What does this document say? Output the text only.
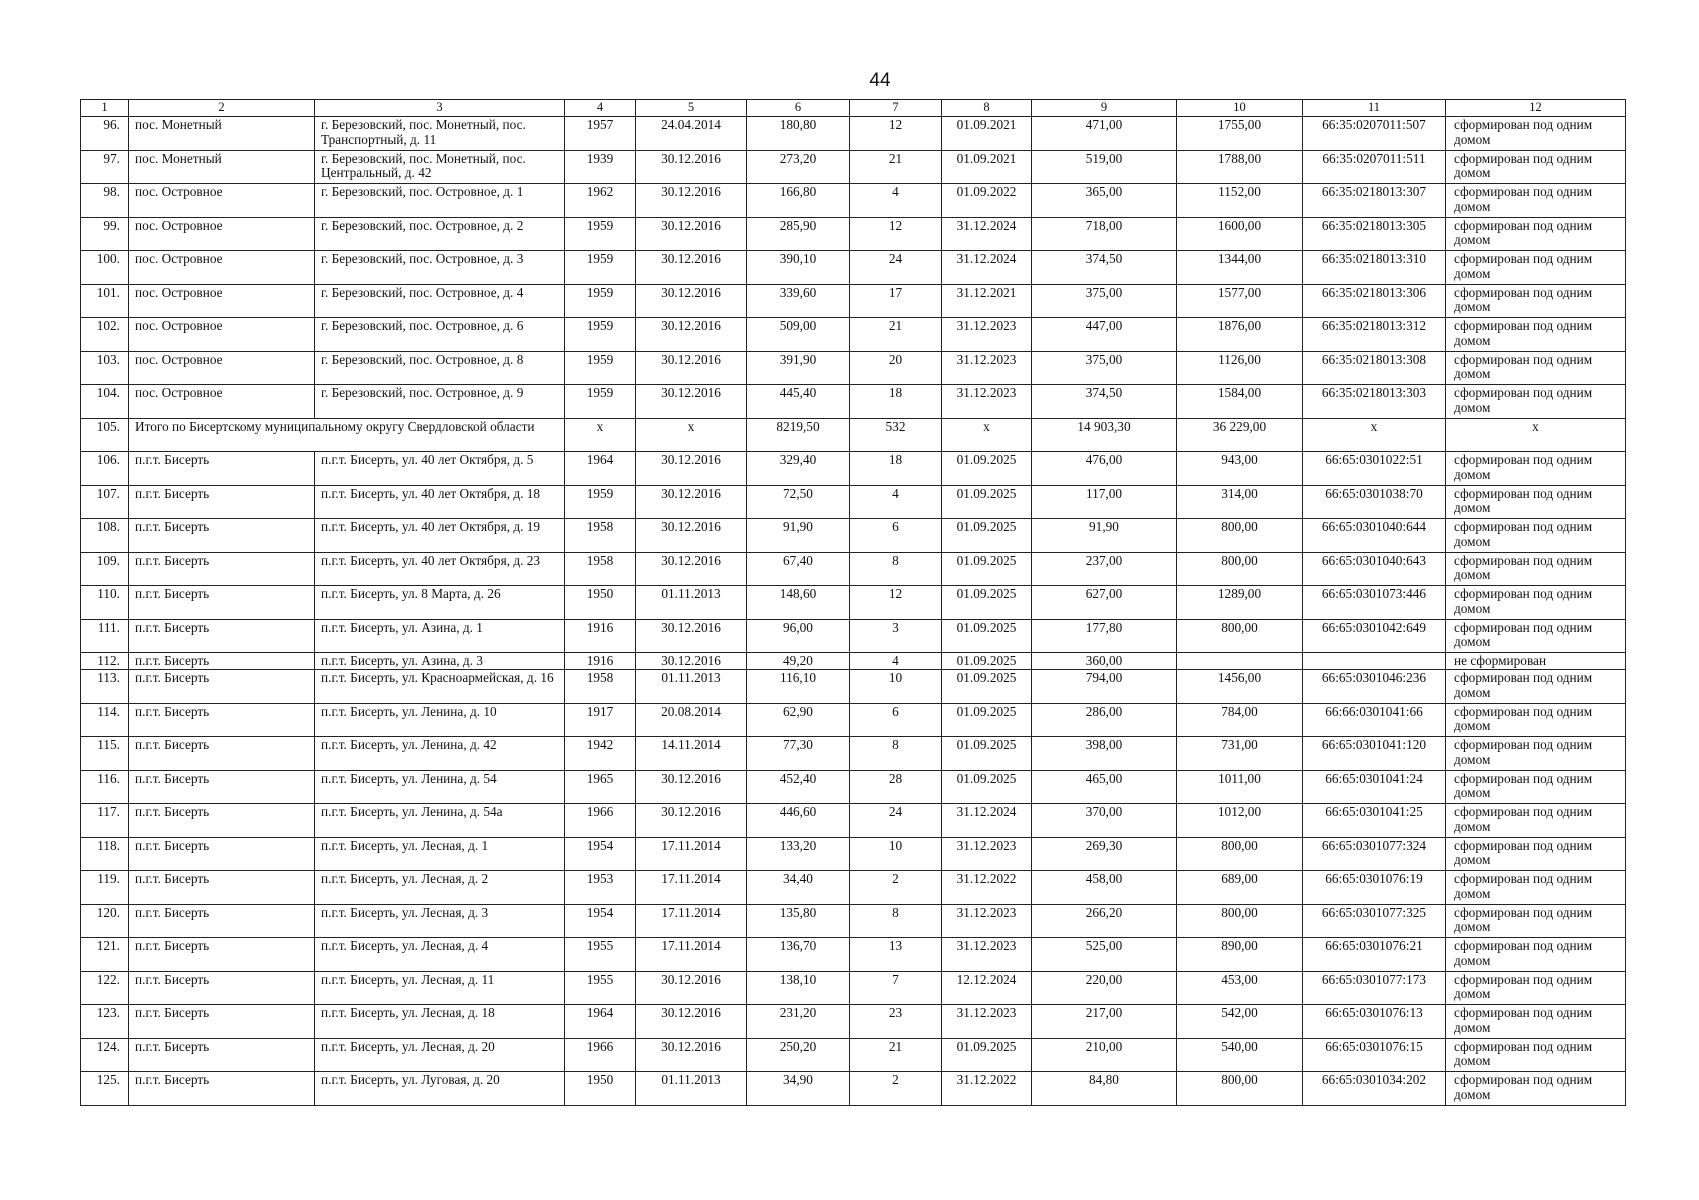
44
1	2	3	4	5	6	7	8	9	10	11	12
96.	пос. Монетный	г. Березовский, пос. Монетный, пос. Транспортный, д. 11	1957	24.04.2014	180,80	12	01.09.2021	471,00	1755,00	66:35:0207011:507	сформирован под одним домом
97.	пос. Монетный	г. Березовский, пос. Монетный, пос. Центральный, д. 42	1939	30.12.2016	273,20	21	01.09.2021	519,00	1788,00	66:35:0207011:511	сформирован под одним домом
98.	пос. Островное	г. Березовский, пос. Островное, д. 1	1962	30.12.2016	166,80	4	01.09.2022	365,00	1152,00	66:35:0218013:307	сформирован под одним домом
99.	пос. Островное	г. Березовский, пос. Островное, д. 2	1959	30.12.2016	285,90	12	31.12.2024	718,00	1600,00	66:35:0218013:305	сформирован под одним домом
100.	пос. Островное	г. Березовский, пос. Островное, д. 3	1959	30.12.2016	390,10	24	31.12.2024	374,50	1344,00	66:35:0218013:310	сформирован под одним домом
101.	пос. Островное	г. Березовский, пос. Островное, д. 4	1959	30.12.2016	339,60	17	31.12.2021	375,00	1577,00	66:35:0218013:306	сформирован под одним домом
102.	пос. Островное	г. Березовский, пос. Островное, д. 6	1959	30.12.2016	509,00	21	31.12.2023	447,00	1876,00	66:35:0218013:312	сформирован под одним домом
103.	пос. Островное	г. Березовский, пос. Островное, д. 8	1959	30.12.2016	391,90	20	31.12.2023	375,00	1126,00	66:35:0218013:308	сформирован под одним домом
104.	пос. Островное	г. Березовский, пос. Островное, д. 9	1959	30.12.2016	445,40	18	31.12.2023	374,50	1584,00	66:35:0218013:303	сформирован под одним домом
105.	Итого по Бисертскому муниципальному округу Свердловской области		x	x	8219,50	532	x	14 903,30	36 229,00	x	x
106.	п.г.т. Бисерть	п.г.т. Бисерть, ул. 40 лет Октября, д. 5	1964	30.12.2016	329,40	18	01.09.2025	476,00	943,00	66:65:0301022:51	сформирован под одним домом
107.	п.г.т. Бисерть	п.г.т. Бисерть, ул. 40 лет Октября, д. 18	1959	30.12.2016	72,50	4	01.09.2025	117,00	314,00	66:65:0301038:70	сформирован под одним домом
108.	п.г.т. Бисерть	п.г.т. Бисерть, ул. 40 лет Октября, д. 19	1958	30.12.2016	91,90	6	01.09.2025	91,90	800,00	66:65:0301040:644	сформирован под одним домом
109.	п.г.т. Бисерть	п.г.т. Бисерть, ул. 40 лет Октября, д. 23	1958	30.12.2016	67,40	8	01.09.2025	237,00	800,00	66:65:0301040:643	сформирован под одним домом
110.	п.г.т. Бисерть	п.г.т. Бисерть, ул. 8 Марта, д. 26	1950	01.11.2013	148,60	12	01.09.2025	627,00	1289,00	66:65:0301073:446	сформирован под одним домом
111.	п.г.т. Бисерть	п.г.т. Бисерть, ул. Азина, д. 1	1916	30.12.2016	96,00	3	01.09.2025	177,80	800,00	66:65:0301042:649	сформирован под одним домом
112.	п.г.т. Бисерть	п.г.т. Бисерть, ул. Азина, д. 3	1916	30.12.2016	49,20	4	01.09.2025	360,00			не сформирован
113.	п.г.т. Бисерть	п.г.т. Бисерть, ул. Красноармейская, д. 16	1958	01.11.2013	116,10	10	01.09.2025	794,00	1456,00	66:65:0301046:236	сформирован под одним домом
114.	п.г.т. Бисерть	п.г.т. Бисерть, ул. Ленина, д. 10	1917	20.08.2014	62,90	6	01.09.2025	286,00	784,00	66:66:0301041:66	сформирован под одним домом
115.	п.г.т. Бисерть	п.г.т. Бисерть, ул. Ленина, д. 42	1942	14.11.2014	77,30	8	01.09.2025	398,00	731,00	66:65:0301041:120	сформирован под одним домом
116.	п.г.т. Бисерть	п.г.т. Бисерть, ул. Ленина, д. 54	1965	30.12.2016	452,40	28	01.09.2025	465,00	1011,00	66:65:0301041:24	сформирован под одним домом
117.	п.г.т. Бисерть	п.г.т. Бисерть, ул. Ленина, д. 54а	1966	30.12.2016	446,60	24	31.12.2024	370,00	1012,00	66:65:0301041:25	сформирован под одним домом
118.	п.г.т. Бисерть	п.г.т. Бисерть, ул. Лесная, д. 1	1954	17.11.2014	133,20	10	31.12.2023	269,30	800,00	66:65:0301077:324	сформирован под одним домом
119.	п.г.т. Бисерть	п.г.т. Бисерть, ул. Лесная, д. 2	1953	17.11.2014	34,40	2	31.12.2022	458,00	689,00	66:65:0301076:19	сформирован под одним домом
120.	п.г.т. Бисерть	п.г.т. Бисерть, ул. Лесная, д. 3	1954	17.11.2014	135,80	8	31.12.2023	266,20	800,00	66:65:0301077:325	сформирован под одним домом
121.	п.г.т. Бисерть	п.г.т. Бисерть, ул. Лесная, д. 4	1955	17.11.2014	136,70	13	31.12.2023	525,00	890,00	66:65:0301076:21	сформирован под одним домом
122.	п.г.т. Бисерть	п.г.т. Бисерть, ул. Лесная, д. 11	1955	30.12.2016	138,10	7	12.12.2024	220,00	453,00	66:65:0301077:173	сформирован под одним домом
123.	п.г.т. Бисерть	п.г.т. Бисерть, ул. Лесная, д. 18	1964	30.12.2016	231,20	23	31.12.2023	217,00	542,00	66:65:0301076:13	сформирован под одним домом
124.	п.г.т. Бисерть	п.г.т. Бисерть, ул. Лесная, д. 20	1966	30.12.2016	250,20	21	01.09.2025	210,00	540,00	66:65:0301076:15	сформирован под одним домом
125.	п.г.т. Бисерть	п.г.т. Бисерть, ул. Луговая, д. 20	1950	01.11.2013	34,90	2	31.12.2022	84,80	800,00	66:65:0301034:202	сформирован под одним домом
